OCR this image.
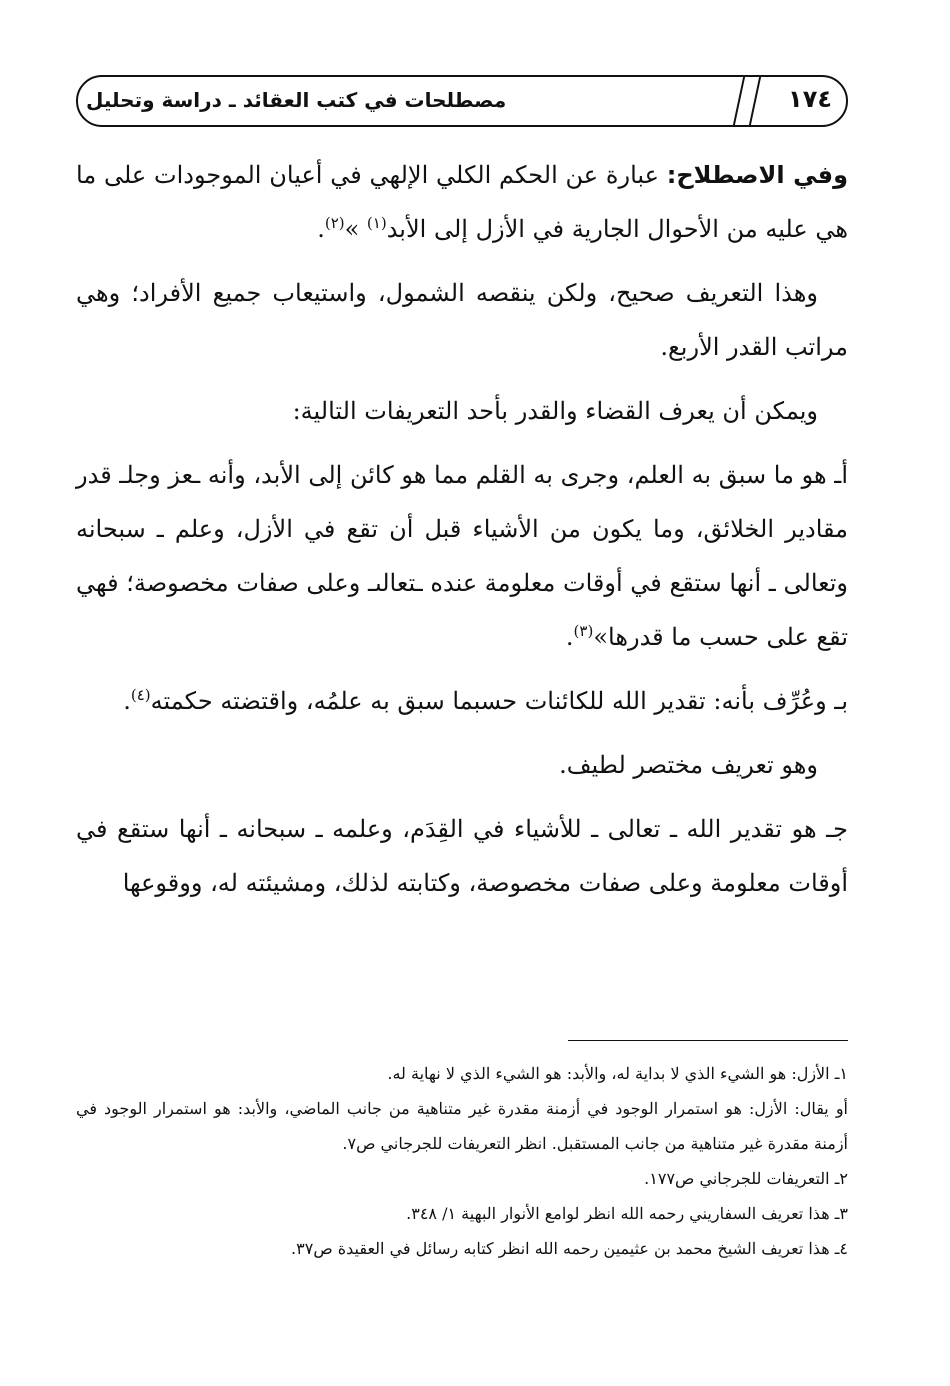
مصطلحات في كتب العقائد ـ دراسة وتحليل	١٧٤

وفي الاصطلاح: عبارة عن الحكم الكلي الإلهي في أعيان الموجودات على ما هي عليه من الأحوال الجارية في الأزل إلى الأبد$^{(١)}$ »$^{(٢)}$.

وهذا التعريف صحيح، ولكن ينقصه الشمول، واستيعاب جميع الأفراد؛ وهي مراتب القدر الأربع.

ويمكن أن يعرف القضاء والقدر بأحد التعريفات التالية:

أـ هو ما سبق به العلم، وجرى به القلم مما هو كائن إلى الأبد، وأنه ـعز وجلـ قدر مقادير الخلائق، وما يكون من الأشياء قبل أن تقع في الأزل، وعلم ـ سبحانه وتعالى ـ أنها ستقع في أوقات معلومة عنده ـتعالىـ وعلى صفات مخصوصة؛ فهي تقع على حسب ما قدرها»$^{(٣)}$.

بـ وعُرِّف بأنه: تقدير الله للكائنات حسبما سبق به علمُه، واقتضته حكمته$^{(٤)}$.

وهو تعريف مختصر لطيف.

جـ هو تقدير الله ـ تعالى ـ للأشياء في القِدَم، وعلمه ـ سبحانه ـ أنها ستقع في أوقات معلومة وعلى صفات مخصوصة، وكتابته لذلك، ومشيئته له، ووقوعها

١ـ الأزل: هو الشيء الذي لا بداية له، والأبد: هو الشيء الذي لا نهاية له.

أو يقال: الأزل: هو استمرار الوجود في أزمنة مقدرة غير متناهية من جانب الماضي، والأبد: هو استمرار الوجود في أزمنة مقدرة غير متناهية من جانب المستقبل. انظر التعريفات للجرجاني ص٧.

٢ـ التعريفات للجرجاني ص١٧٧.

٣ـ هذا تعريف السفاريني رحمه الله انظر لوامع الأنوار البهية ١/ ٣٤٨.

٤ـ هذا تعريف الشيخ محمد بن عثيمين رحمه الله انظر كتابه رسائل في العقيدة ص٣٧.
